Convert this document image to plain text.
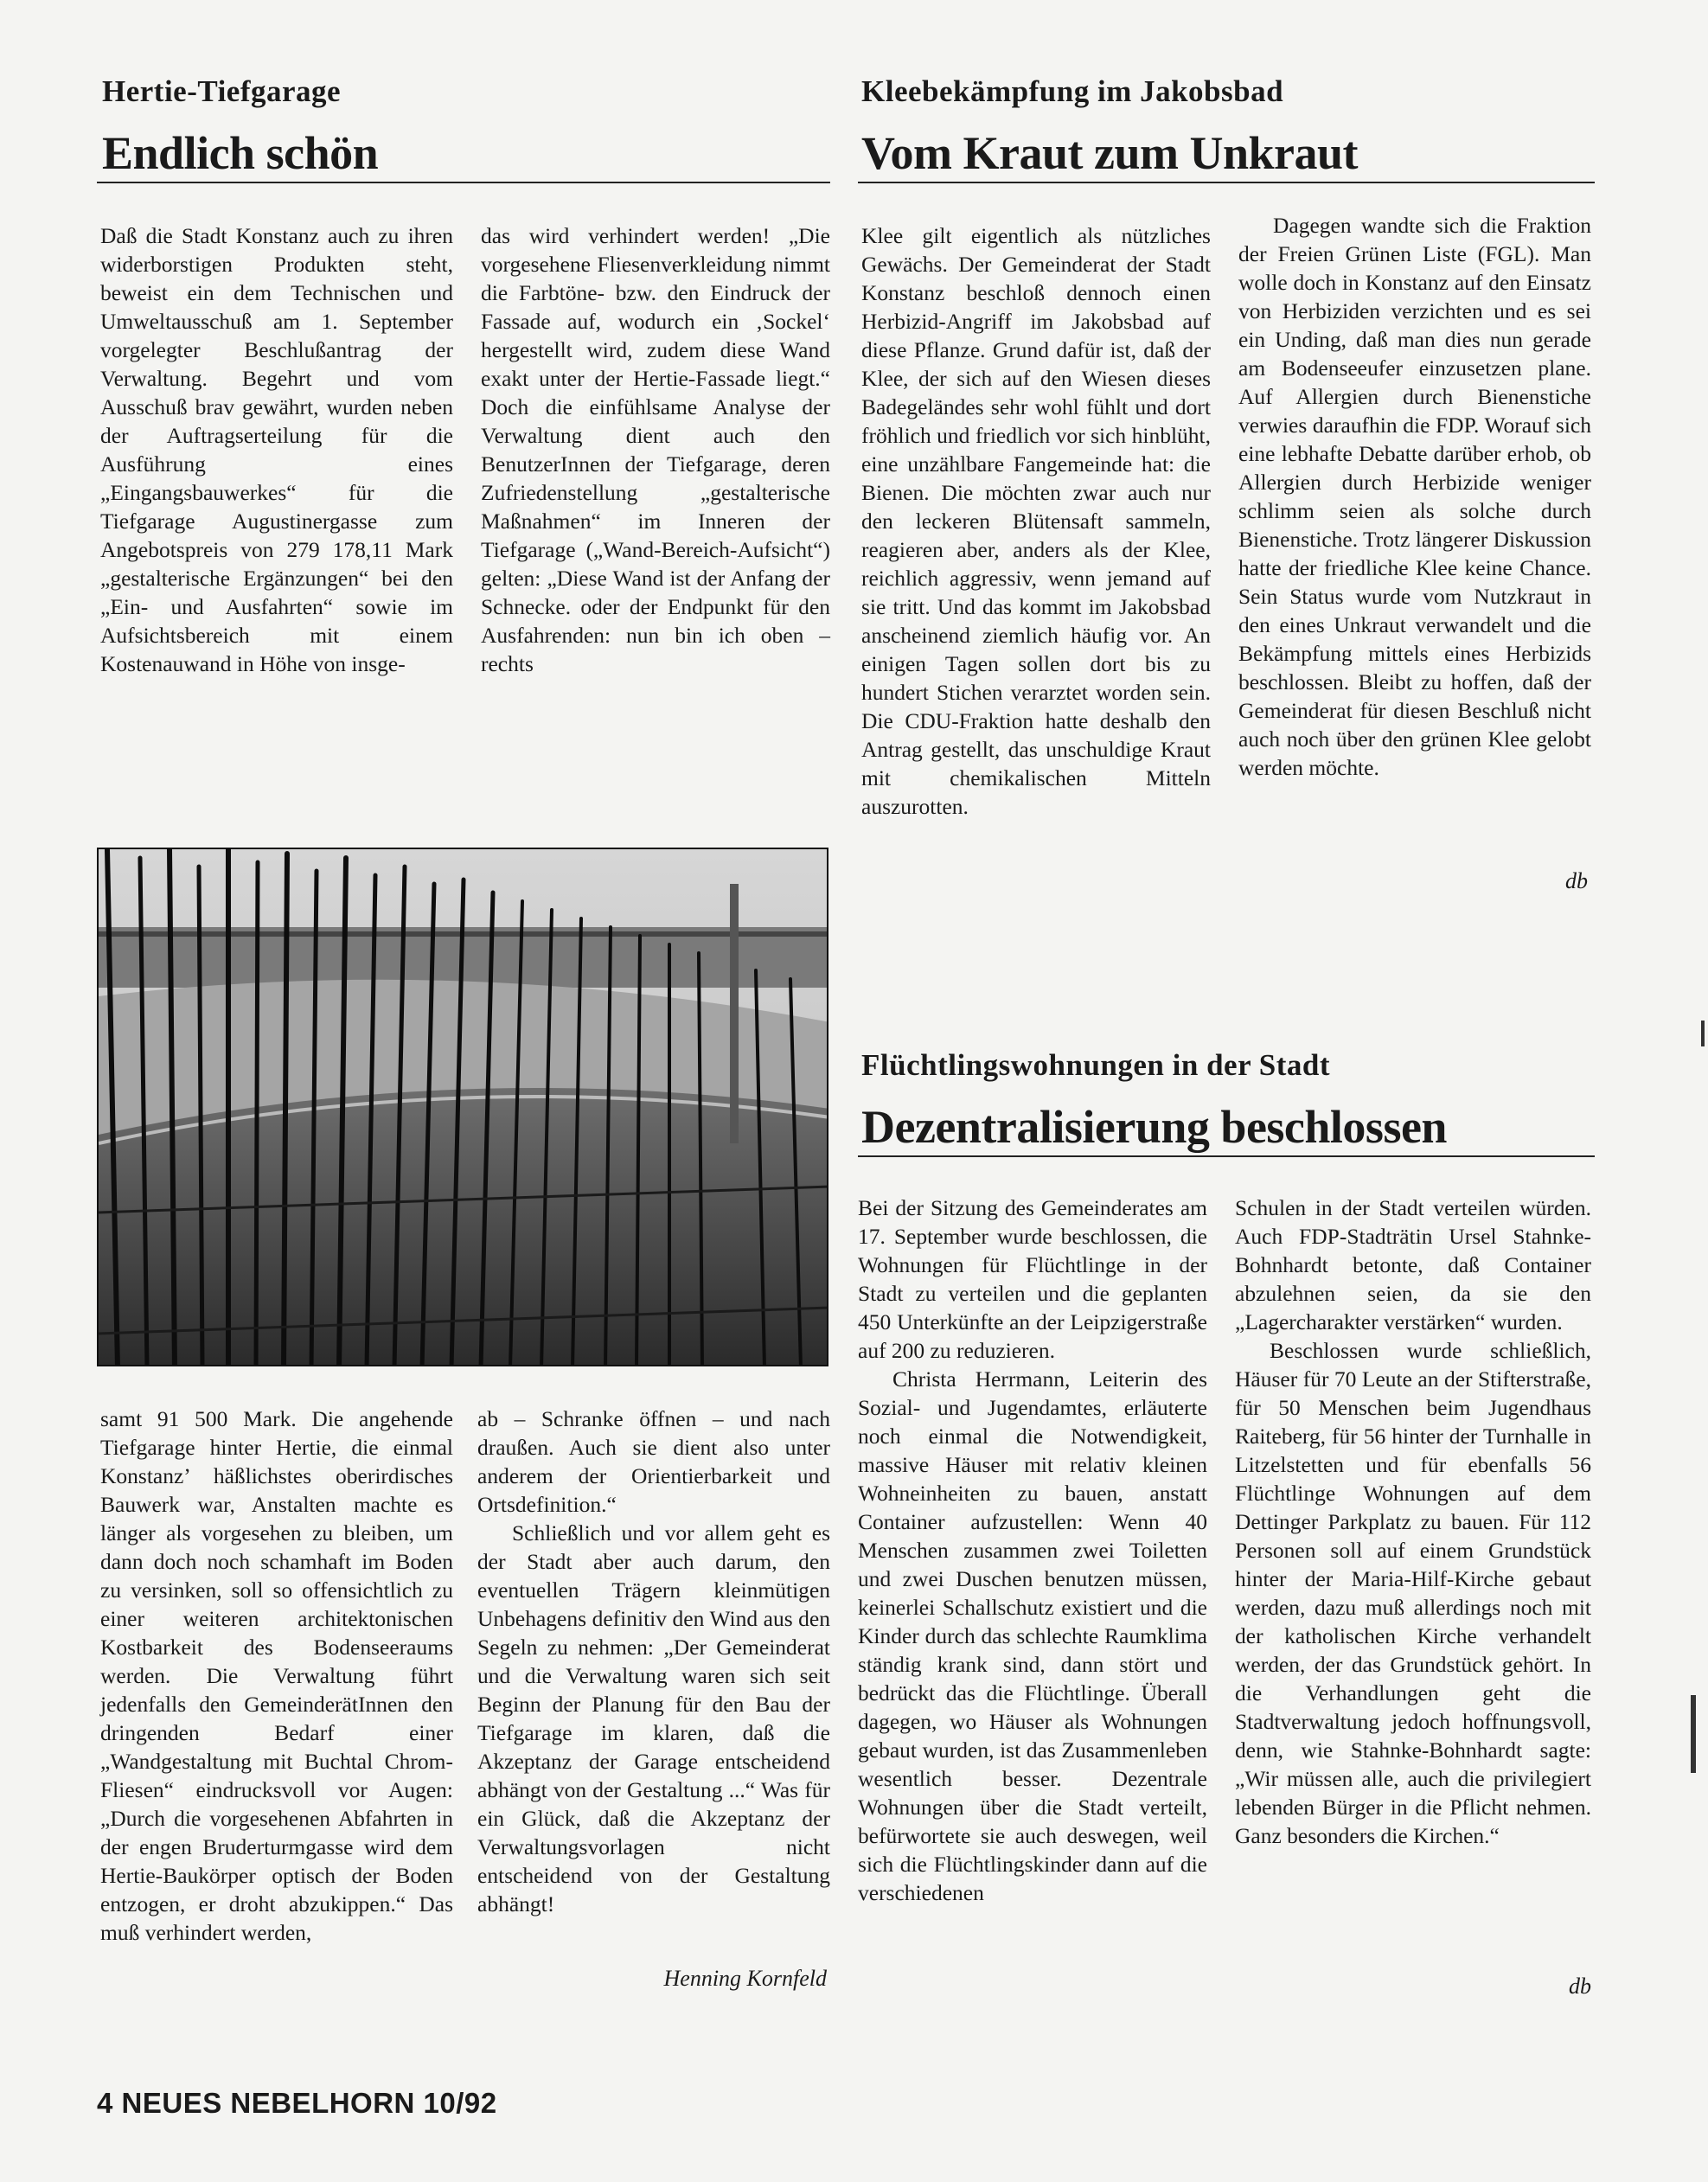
Hertie-Tiefgarage
Endlich schön

Daß die Stadt Konstanz auch zu ihren widerborstigen Produkten steht, beweist ein dem Technischen und Umweltausschuß am 1. September vorgelegter Beschlußantrag der Verwaltung. Begehrt und vom Ausschuß brav gewährt, wurden neben der Auftragserteilung für die Ausführung eines „Eingangsbauwerkes“ für die Tiefgarage Augustinergasse zum Angebotspreis von 279 178,11 Mark „gestalterische Ergänzungen“ bei den „Ein- und Ausfahrten“ sowie im Aufsichtsbereich mit einem Kostenauwand in Höhe von insge-

das wird verhindert werden! „Die vorgesehene Fliesenverkleidung nimmt die Farbtöne- bzw. den Eindruck der Fassade auf, wodurch ein ‚Sockel‘ hergestellt wird, zudem diese Wand exakt unter der Hertie-Fassade liegt.“ Doch die einfühlsame Analyse der Verwaltung dient auch den BenutzerInnen der Tiefgarage, deren Zufriedenstellung „gestalterische Maßnahmen“ im Inneren der Tiefgarage („Wand-Bereich-Aufsicht“) gelten: „Diese Wand ist der Anfang der Schnecke. oder der Endpunkt für den Ausfahrenden: nun bin ich oben – rechts

samt 91 500 Mark. Die angehende Tiefgarage hinter Hertie, die einmal Konstanz’ häßlichstes oberirdisches Bauwerk war, Anstalten machte es länger als vorgesehen zu bleiben, um dann doch noch schamhaft im Boden zu versinken, soll so offensichtlich zu einer weiteren architektonischen Kostbarkeit des Bodenseeraums werden. Die Verwaltung führt jedenfalls den GemeinderätInnen den dringenden Bedarf einer „Wandgestaltung mit Buchtal Chrom-Fliesen“ eindrucksvoll vor Augen: „Durch die vorgesehenen Abfahrten in der engen Bruderturmgasse wird dem Hertie-Baukörper optisch der Boden entzogen, er droht abzukippen.“ Das muß verhindert werden,

ab – Schranke öffnen – und nach draußen. Auch sie dient also unter anderem der Orientierbarkeit und Ortsdefinition.“

Schließlich und vor allem geht es der Stadt aber auch darum, den eventuellen Trägern kleinmütigen Unbehagens definitiv den Wind aus den Segeln zu nehmen: „Der Gemeinderat und die Verwaltung waren sich seit Beginn der Planung für den Bau der Tiefgarage im klaren, daß die Akzeptanz der Garage entscheidend abhängt von der Gestaltung ...“ Was für ein Glück, daß die Akzeptanz der Verwaltungsvorlagen nicht entscheidend von der Gestaltung abhängt!

Henning Kornfeld
Kleebekämpfung im Jakobsbad
Vom Kraut zum Unkraut

Klee gilt eigentlich als nützliches Gewächs. Der Gemeinderat der Stadt Konstanz beschloß dennoch einen Herbizid-Angriff im Jakobsbad auf diese Pflanze. Grund dafür ist, daß der Klee, der sich auf den Wiesen dieses Badegeländes sehr wohl fühlt und dort fröhlich und friedlich vor sich hinblüht, eine unzählbare Fangemeinde hat: die Bienen. Die möchten zwar auch nur den leckeren Blütensaft sammeln, reagieren aber, anders als der Klee, reichlich aggressiv, wenn jemand auf sie tritt. Und das kommt im Jakobsbad anscheinend ziemlich häufig vor. An einigen Tagen sollen dort bis zu hundert Stichen verarztet worden sein. Die CDU-Fraktion hatte deshalb den Antrag gestellt, das unschuldige Kraut mit chemikalischen Mitteln auszurotten.

Dagegen wandte sich die Fraktion der Freien Grünen Liste (FGL). Man wolle doch in Konstanz auf den Einsatz von Herbiziden verzichten und es sei ein Unding, daß man dies nun gerade am Bodenseeufer einzusetzen plane. Auf Allergien durch Bienenstiche verwies daraufhin die FDP. Worauf sich eine lebhafte Debatte darüber erhob, ob Allergien durch Herbizide weniger schlimm seien als solche durch Bienenstiche. Trotz längerer Diskussion hatte der friedliche Klee keine Chance. Sein Status wurde vom Nutzkraut in den eines Unkraut verwandelt und die Bekämpfung mittels eines Herbizids beschlossen. Bleibt zu hoffen, daß der Gemeinderat für diesen Beschluß nicht auch noch über den grünen Klee gelobt werden möchte.

db
Flüchtlingswohnungen in der Stadt
Dezentralisierung beschlossen

Bei der Sitzung des Gemeinderates am 17. September wurde beschlossen, die Wohnungen für Flüchtlinge in der Stadt zu verteilen und die geplanten 450 Unterkünfte an der Leipzigerstraße auf 200 zu reduzieren.

Christa Herrmann, Leiterin des Sozial- und Jugendamtes, erläuterte noch einmal die Notwendigkeit, massive Häuser mit relativ kleinen Wohneinheiten zu bauen, anstatt Container aufzustellen: Wenn 40 Menschen zusammen zwei Toiletten und zwei Duschen benutzen müssen, keinerlei Schallschutz existiert und die Kinder durch das schlechte Raumklima ständig krank sind, dann stört und bedrückt das die Flüchtlinge. Überall dagegen, wo Häuser als Wohnungen gebaut wurden, ist das Zusammenleben wesentlich besser. Dezentrale Wohnungen über die Stadt verteilt, befürwortete sie auch deswegen, weil sich die Flüchtlingskinder dann auf die verschiedenen

Schulen in der Stadt verteilen würden. Auch FDP-Stadträtin Ursel Stahnke-Bohnhardt betonte, daß Container abzulehnen seien, da sie den „Lagercharakter verstärken“ wurden.

Beschlossen wurde schließlich, Häuser für 70 Leute an der Stifterstraße, für 50 Menschen beim Jugendhaus Raiteberg, für 56 hinter der Turnhalle in Litzelstetten und für ebenfalls 56 Flüchtlinge Wohnungen auf dem Dettinger Parkplatz zu bauen. Für 112 Personen soll auf einem Grundstück hinter der Maria-Hilf-Kirche gebaut werden, dazu muß allerdings noch mit der katholischen Kirche verhandelt werden, der das Grundstück gehört. In die Verhandlungen geht die Stadtverwaltung jedoch hoffnungsvoll, denn, wie Stahnke-Bohnhardt sagte: „Wir müssen alle, auch die privilegiert lebenden Bürger in die Pflicht nehmen. Ganz besonders die Kirchen.“

db
4 NEUES NEBELHORN 10/92
